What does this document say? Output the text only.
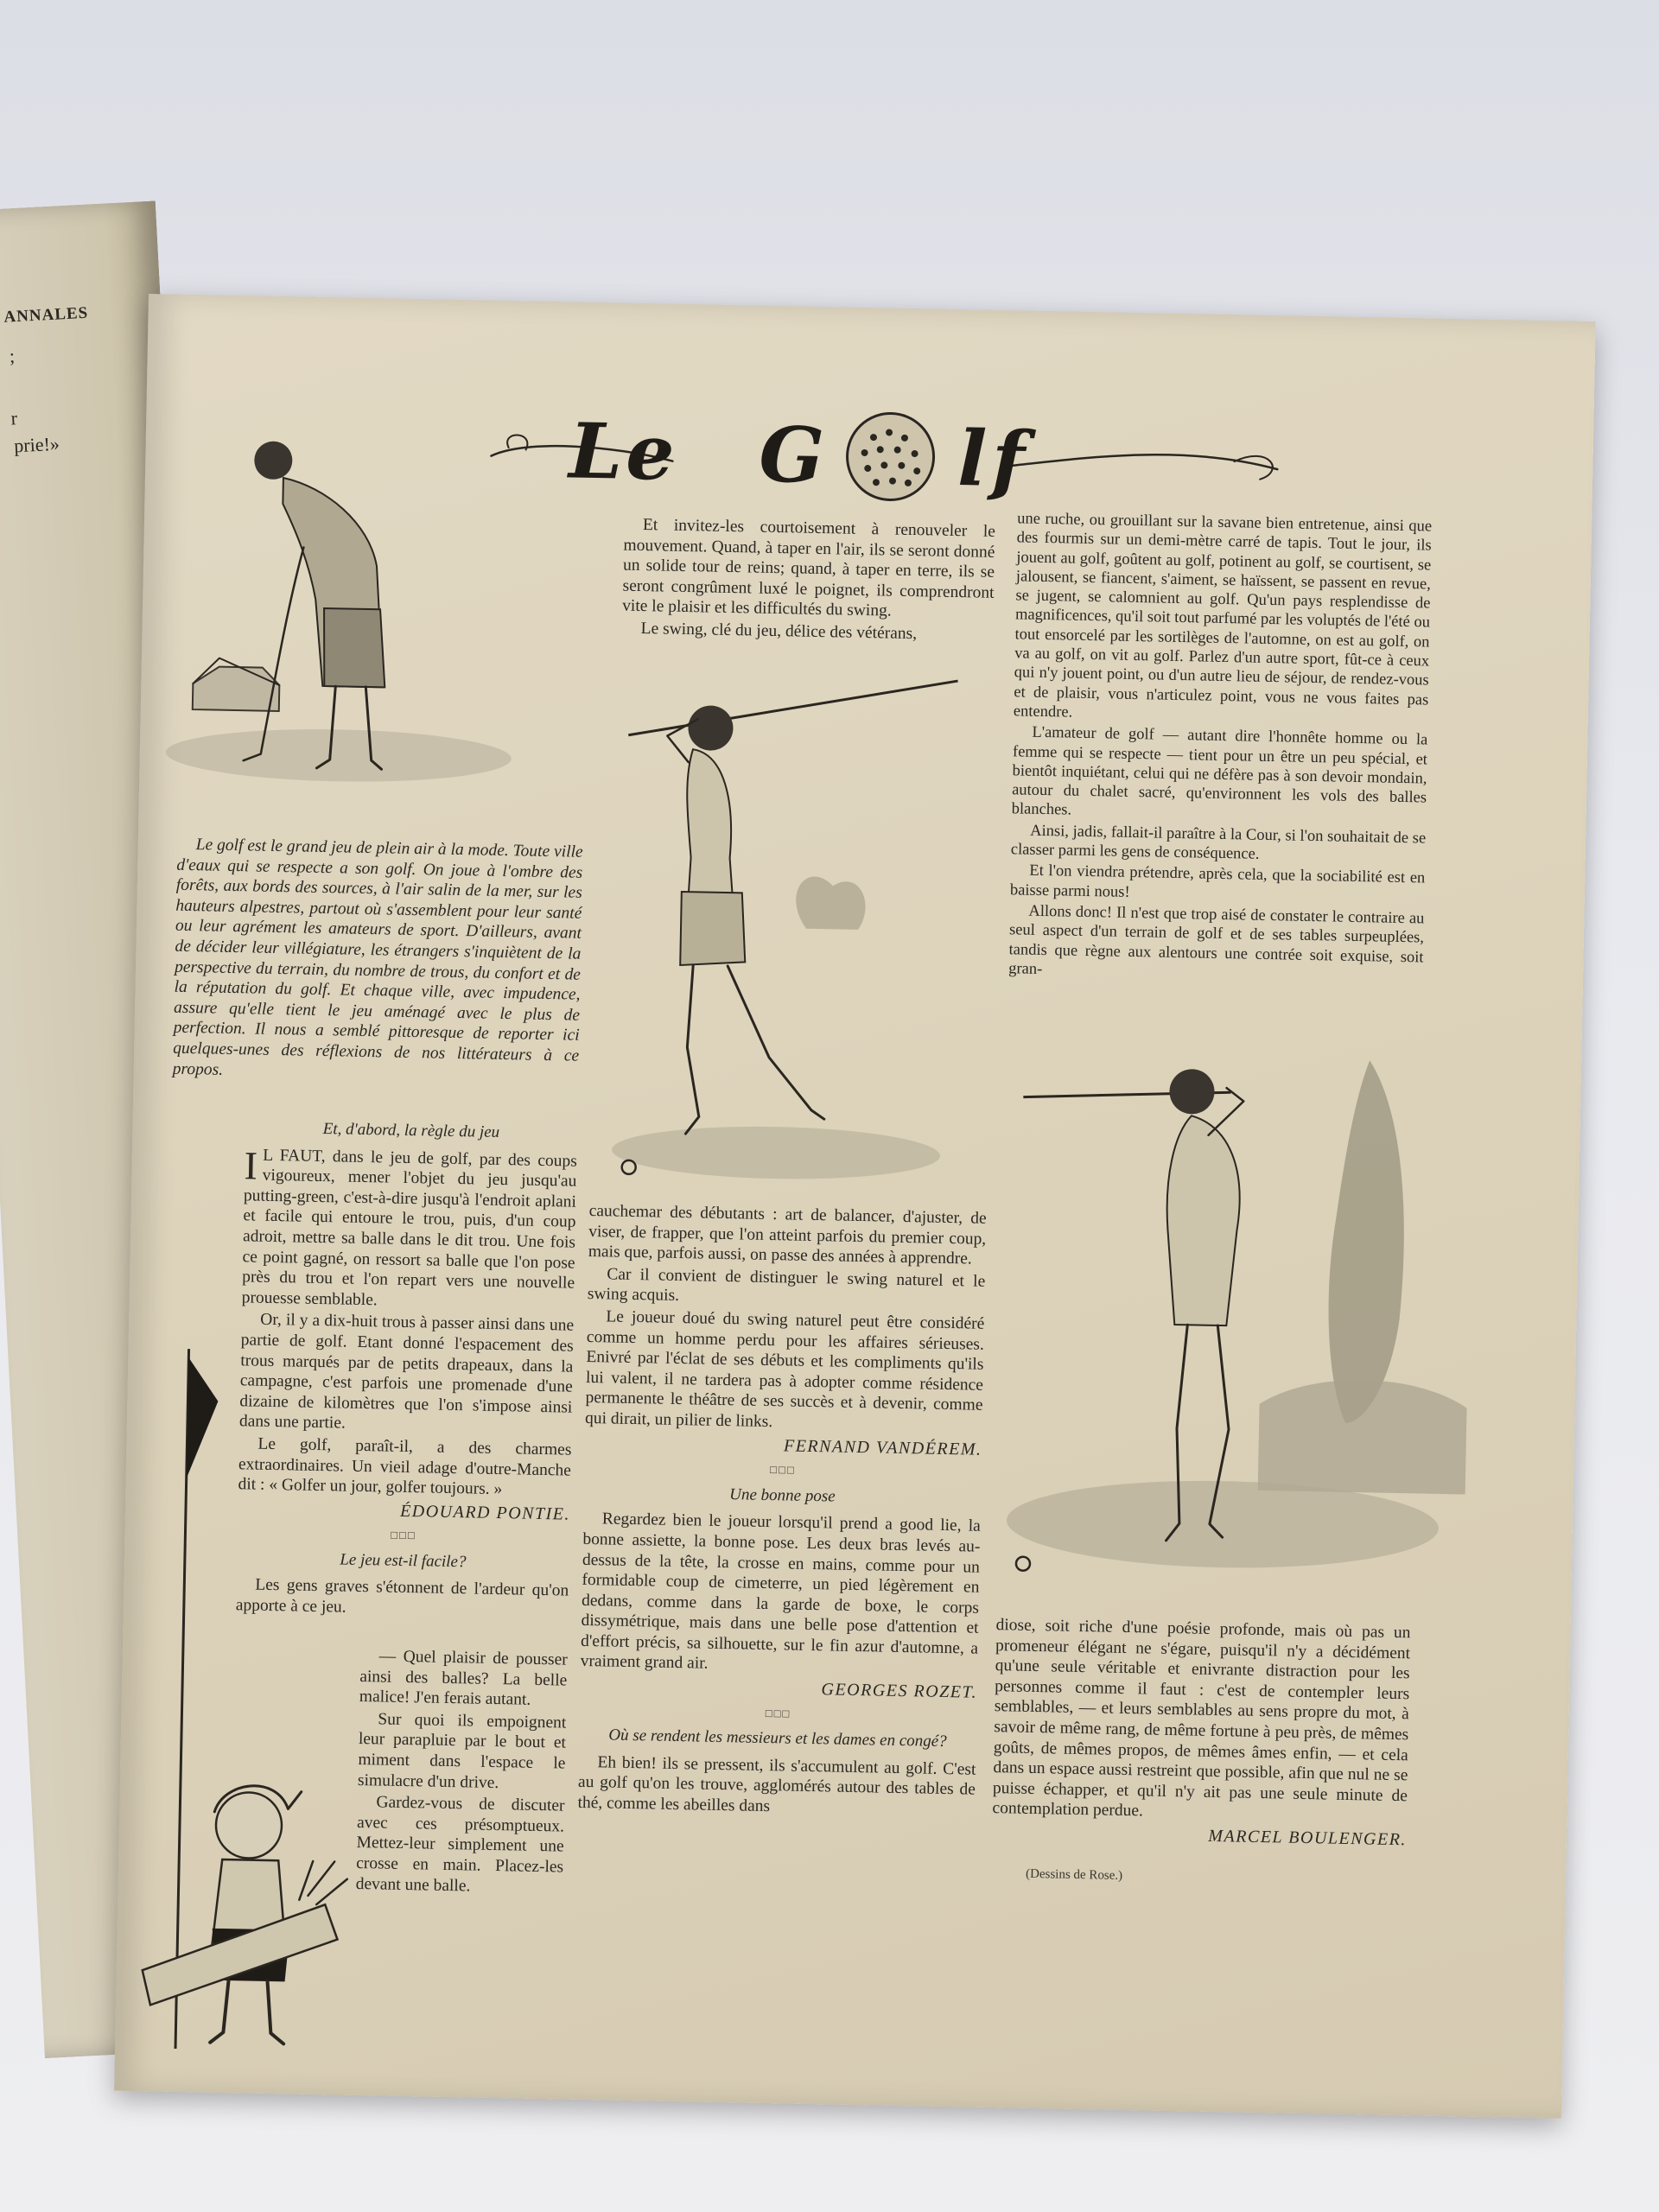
ANNALES
;
r
prie!»	Le G lf

Le golf est le grand jeu de plein air à la mode. Toute ville d'eaux qui se respecte a son golf. On joue à l'ombre des forêts, aux bords des sources, à l'air salin de la mer, sur les hauteurs alpestres, partout où s'assemblent pour leur santé ou leur agrément les amateurs de sport. D'ailleurs, avant de décider leur villégiature, les étrangers s'inquiètent de la perspective du terrain, du nombre de trous, du confort et de la réputation du golf. Et chaque ville, avec impudence, assure qu'elle tient le jeu aménagé avec le plus de perfection. Il nous a semblé pittoresque de reporter ici quelques-unes des réflexions de nos littérateurs à ce propos.

Et, d'abord, la règle du jeu

I L FAUT, dans le jeu de golf, par des coups vigoureux, mener l'objet du jeu jusqu'au putting-green, c'est-à-dire jusqu'à l'endroit aplani et facile qui entoure le trou, puis, d'un coup adroit, mettre sa balle dans le dit trou. Une fois ce point gagné, on ressort sa balle que l'on pose près du trou et l'on repart vers une nouvelle prouesse semblable.

Or, il y a dix-huit trous à passer ainsi dans une partie de golf. Etant donné l'espacement des trous marqués par de petits drapeaux, dans la campagne, c'est parfois une promenade d'une dizaine de kilomètres que l'on s'impose ainsi dans une partie.

Le golf, paraît-il, a des charmes extraordinaires. Un vieil adage d'outre-Manche dit : « Golfer un jour, golfer toujours. »

ÉDOUARD PONTIE.
□□□
Le jeu est-il facile?

Les gens graves s'étonnent de l'ardeur qu'on apporte à ce jeu.

— Quel plaisir de pousser ainsi des balles? La belle malice! J'en ferais autant.

Sur quoi ils empoignent leur parapluie par le bout et miment dans l'espace le simulacre d'un drive.

Gardez-vous de discuter avec ces présomptueux. Mettez-leur simplement une crosse en main. Placez-les devant une balle.

Et invitez-les courtoisement à renouveler le mouvement. Quand, à taper en l'air, ils se seront donné un solide tour de reins; quand, à taper en terre, ils se seront congrûment luxé le poignet, ils comprendront vite le plaisir et les difficultés du swing.

Le swing, clé du jeu, délice des vétérans,

cauchemar des débutants : art de balancer, d'ajuster, de viser, de frapper, que l'on atteint parfois du premier coup, mais que, parfois aussi, on passe des années à apprendre.

Car il convient de distinguer le swing naturel et le swing acquis.

Le joueur doué du swing naturel peut être considéré comme un homme perdu pour les affaires sérieuses. Enivré par l'éclat de ses débuts et les compliments qu'ils lui valent, il ne tardera pas à adopter comme résidence permanente le théâtre de ses succès et à devenir, comme qui dirait, un pilier de links.

FERNAND VANDÉREM.
□□□
Une bonne pose

Regardez bien le joueur lorsqu'il prend a good lie, la bonne assiette, la bonne pose. Les deux bras levés au-dessus de la tête, la crosse en mains, comme pour un formidable coup de cimeterre, un pied légèrement en dedans, comme dans la garde de boxe, le corps dissymétrique, mais dans une belle pose d'attention et d'effort précis, sa silhouette, sur le fin azur d'automne, a vraiment grand air.

GEORGES ROZET.
□□□
Où se rendent les messieurs et les dames en congé?

Eh bien! ils se pressent, ils s'accumulent au golf. C'est au golf qu'on les trouve, agglomérés autour des tables de thé, comme les abeilles dans

une ruche, ou grouillant sur la savane bien entretenue, ainsi que des fourmis sur un demi-mètre carré de tapis. Tout le jour, ils jouent au golf, goûtent au golf, potinent au golf, se courtisent, se jalousent, se fiancent, s'aiment, se haïssent, se passent en revue, se jugent, se calomnient au golf. Qu'un pays resplendisse de magnificences, qu'il soit tout parfumé par les voluptés de l'été ou tout ensorcelé par les sortilèges de l'automne, on est au golf, on va au golf, on vit au golf. Parlez d'un autre sport, fût-ce à ceux qui n'y jouent point, ou d'un autre lieu de séjour, de rendez-vous et de plaisir, vous n'articulez point, vous ne vous faites pas entendre.

L'amateur de golf — autant dire l'honnête homme ou la femme qui se respecte — tient pour un être un peu spécial, et bientôt inquiétant, celui qui ne défère pas à son devoir mondain, autour du chalet sacré, qu'environnent les vols des balles blanches.

Ainsi, jadis, fallait-il paraître à la Cour, si l'on souhaitait de se classer parmi les gens de conséquence.

Et l'on viendra prétendre, après cela, que la sociabilité est en baisse parmi nous!

Allons donc! Il n'est que trop aisé de constater le contraire au seul aspect d'un terrain de golf et de ses tables surpeuplées, tandis que règne aux alentours une contrée soit exquise, soit gran-

diose, soit riche d'une poésie profonde, mais où pas un promeneur élégant ne s'égare, puisqu'il n'y a décidément qu'une seule véritable et enivrante distraction pour les personnes comme il faut : c'est de contempler leurs semblables, — et leurs semblables au sens propre du mot, à savoir de même rang, de même fortune à peu près, de mêmes goûts, de mêmes propos, de mêmes âmes enfin, — et cela dans un espace aussi restreint que possible, afin que nul ne se puisse échapper, et qu'il n'y ait pas une seule minute de contemplation perdue.

MARCEL BOULENGER.
(Dessins de Rose.)
